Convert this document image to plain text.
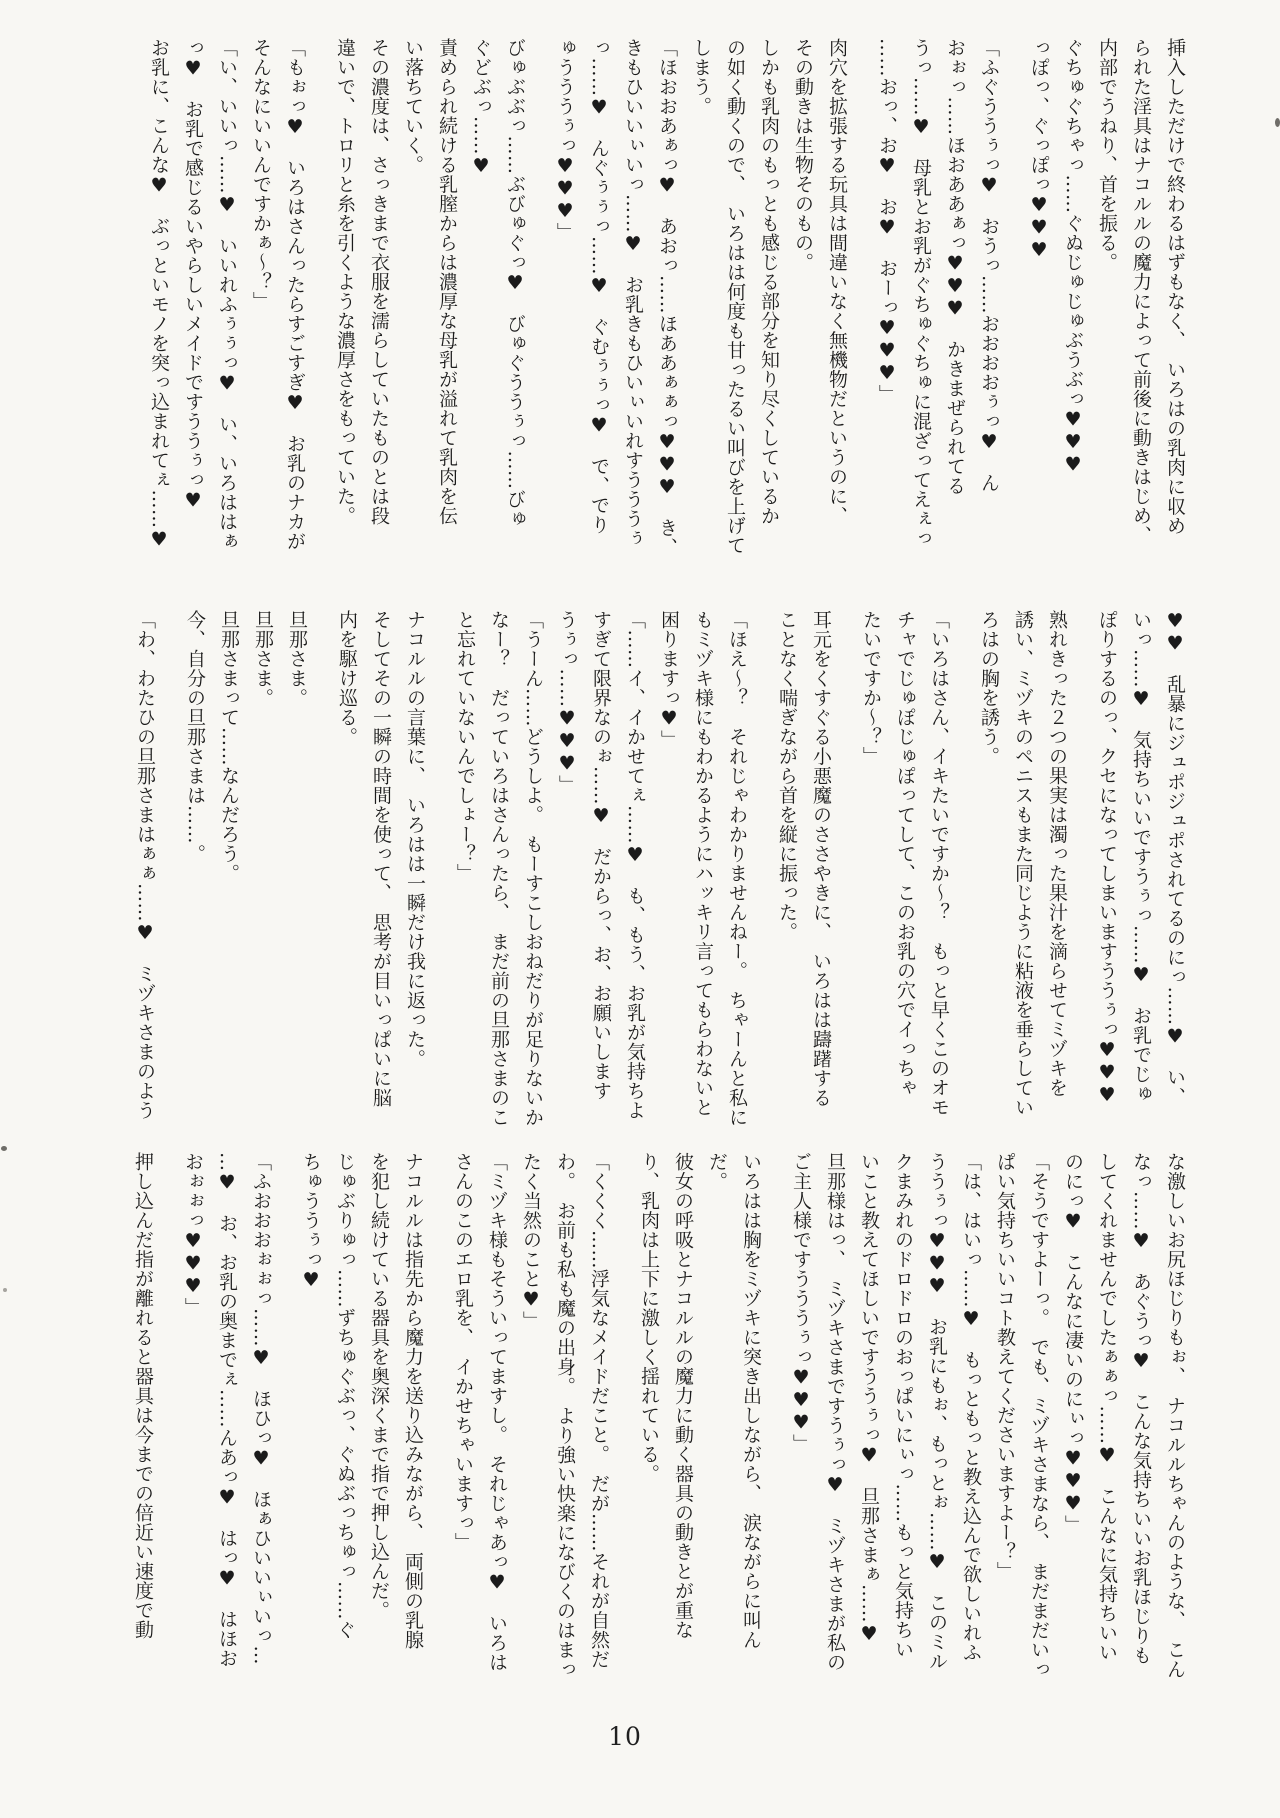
挿入しただけで終わるはずもなく、　いろはの乳肉に収め
られた淫具はナコルルの魔力によって前後に動きはじめ、
内部でうねり、首を振る。
ぐちゅぐちゃっ……ぐぬじゅじゅぶうぶっ♥♥♥
っぽっ、ぐっぽっ♥♥♥
「ふぐううぅっ♥　おうっ……おおおおぅっ♥　ん
おぉっ……ほおああぁっ♥♥♥　かきまぜられてる
うっ……♥　母乳とお乳がぐちゅぐちゅに混ざってえぇっ
……おっ、お♥　お♥　おーっ♥♥♥」
肉穴を拡張する玩具は間違いなく無機物だというのに、
その動きは生物そのもの。
しかも乳肉のもっとも感じる部分を知り尽くしているか
の如く動くので、　いろはは何度も甘ったるい叫びを上げて
しまう。
「ほおおあぁっ♥　あおっ……ほああぁぁっ♥♥♥　き、
きもひいいぃいっ……♥　お乳きもひいぃいれすうううぅ
っ……♥　んぐぅぅっ……♥　ぐむぅぅっ♥　で、でり
ゅうううぅっ♥♥♥」
びゅぶぶっ……ぶびゅぐっ♥　びゅぐううぅっ……びゅ
ぐどぶっ……♥
責められ続ける乳膣からは濃厚な母乳が溢れて乳肉を伝
い落ちていく。
その濃度は、さっきまで衣服を濡らしていたものとは段
違いで、トロリと糸を引くような濃厚さをもっていた。
「もぉっ♥　いろはさんったらすごすぎ♥　お乳のナカが
そんなにいいんですかぁ～？」
「い、いいっ……♥　いいれふぅぅっ♥　い、いろははぁ
っ♥　お乳で感じるいやらしいメイドですううぅっ♥
お乳に、こんな♥　ぶっといモノを突っ込まれてぇ……♥
♥♥　乱暴にジュポジュポされてるのにっ……♥　い、
いっ……♥　気持ちいいですうぅっ……♥　お乳でじゅ
ぽりするのっ、クセになってしまいますううぅっ♥♥♥
熟れきった２つの果実は濁った果汁を滴らせてミヅキを
誘い、ミヅキのペニスもまた同じように粘液を垂らしてい
ろはの胸を誘う。
「いろはさん、イキたいですか～？　もっと早くこのオモ
チャでじゅぽじゅぽってして、このお乳の穴でイっちゃ
たいですか～？」
耳元をくすぐる小悪魔のささやきに、　いろはは躊躇する
ことなく喘ぎながら首を縦に振った。
「ほえ～？　それじゃわかりませんねー。　ちゃーんと私に
もミヅキ様にもわかるようにハッキリ言ってもらわないと
困りますっ♥」
「……イ、イかせてぇ……♥　も、もう、お乳が気持ちよ
すぎて限界なのぉ……♥　だからっ、お、お願いします
うぅっ……♥♥♥」
「うーん……どうしよ。　もーすこしおねだりが足りないか
なー？　だっていろはさんったら、　まだ前の旦那さまのこ
と忘れていないんでしょー？」
ナコルルの言葉に、　いろはは一瞬だけ我に返った。
そしてその一瞬の時間を使って、　思考が目いっぱいに脳
内を駆け巡る。
旦那さま。
旦那さま。
旦那さまって……なんだろう。
今、自分の旦那さまは……。
「わ、わたひの旦那さまはぁぁ……♥　ミヅキさまのよう
な激しいお尻ほじりもぉ、　ナコルルちゃんのような、　こん
なっ……♥　あぐうっ♥　こんな気持ちいいお乳ほじりも
してくれませんでしたぁぁっ……♥　こんなに気持ちいい
のにっ♥　こんなに凄いのにぃっ♥♥♥」
「そうですよーっ。　でも、ミヅキさまなら、　まだまだいっ
ぱい気持ちいいコト教えてくださいますよー？」
「は、はいっ……♥　もっともっと教え込んで欲しいれふ
ううぅっ♥♥♥　お乳にもぉ、もっとぉ……♥　このミル
クまみれのドロドロのおっぱいにぃっ……もっと気持ちい
いこと教えてほしいですううぅっ♥　旦那さまぁ……♥
旦那様はっ、　ミヅキさまですうぅっ♥　ミヅキさまが私の
ご主人様ですうううぅっ♥♥♥」
いろはは胸をミヅキに突き出しながら、　涙ながらに叫ん
だ。
彼女の呼吸とナコルルの魔力に動く器具の動きとが重な
り、乳肉は上下に激しく揺れている。
「くくく……浮気なメイドだこと。　だが……それが自然だ
わ。　お前も私も魔の出身。　より強い快楽になびくのはまっ
たく当然のこと♥」
「ミヅキ様もそういってますし。　それじゃあっ♥　いろは
さんのこのエロ乳を、　イかせちゃいますっ」
ナコルルは指先から魔力を送り込みながら、　両側の乳腺
を犯し続けている器具を奥深くまで指で押し込んだ。
じゅぶりゅっ……ずちゅぐぶっ、ぐぬぶっちゅっ……ぐ
ちゅううぅっ♥
「ふおおおぉぉっ……♥　ほひっ♥　ほぁひいいぃいっ…
…♥　お、お乳の奥までぇ……んあっ♥　はっ♥　はほお
おぉぉっ♥♥♥」
押し込んだ指が離れると器具は今までの倍近い速度で動
10
